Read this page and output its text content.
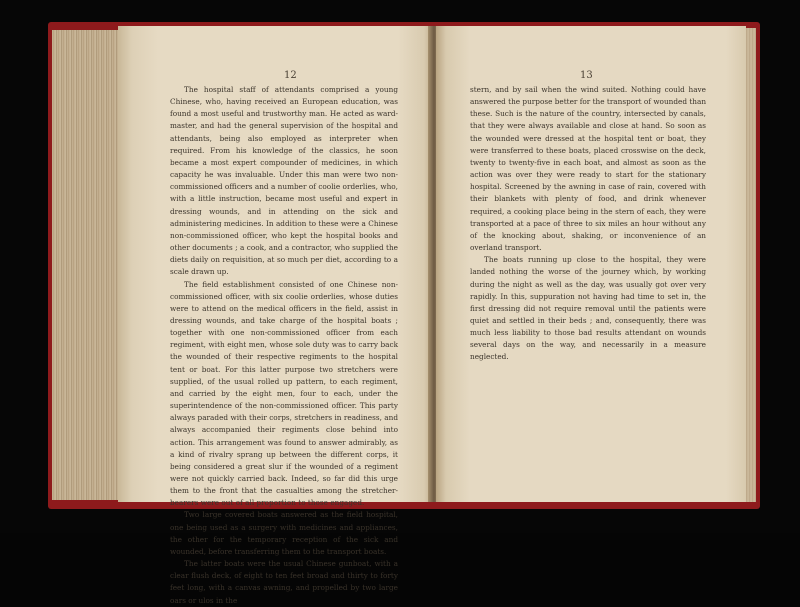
12

The hospital staff of attendants comprised a young Chinese, who, having received an European education, was found a most useful and trustworthy man. He acted as ward-master, and had the general supervision of the hospital and attendants, being also employed as interpreter when required. From his knowledge of the classics, he soon became a most expert compounder of medicines, in which capacity he was invaluable. Under this man were two non-commissioned officers and a number of coolie orderlies, who, with a little instruction, became most useful and expert in dressing wounds, and in attending on the sick and administering medicines. In addition to these were a Chinese non-commissioned officer, who kept the hospital books and other documents ; a cook, and a contractor, who supplied the diets daily on requisition, at so much per diet, according to a scale drawn up.

The field establishment consisted of one Chinese non-commissioned officer, with six coolie orderlies, whose duties were to attend on the medical officers in the field, assist in dressing wounds, and take charge of the hospital boats ; together with one non-commissioned officer from each regiment, with eight men, whose sole duty was to carry back the wounded of their respective regiments to the hospital tent or boat. For this latter purpose two stretchers were supplied, of the usual rolled up pattern, to each regiment, and carried by the eight men, four to each, under the superintendence of the non-commissioned officer. This party always paraded with their corps, stretchers in readiness, and always accompanied their regiments close behind into action. This arrangement was found to answer admirably, as a kind of rivalry sprang up between the different corps, it being considered a great slur if the wounded of a regiment were not quickly carried back. Indeed, so far did this urge them to the front that the casualties among the stretcher-bearers were out of all proportion to those engaged.

Two large covered boats answered as the field hospital, one being used as a surgery with medicines and appliances, the other for the temporary reception of the sick and wounded, before transferring them to the transport boats.

The latter boats were the usual Chinese gunboat, with a clear flush deck, of eight to ten feet broad and thirty to forty feet long, with a canvas awning, and propelled by two large oars or ulos in the

13

stern, and by sail when the wind suited. Nothing could have answered the purpose better for the transport of wounded than these. Such is the nature of the country, intersected by canals, that they were always available and close at hand. So soon as the wounded were dressed at the hospital tent or boat, they were transferred to these boats, placed crosswise on the deck, twenty to twenty-five in each boat, and almost as soon as the action was over they were ready to start for the stationary hospital. Screened by the awning in case of rain, covered with their blankets with plenty of food, and drink whenever required, a cooking place being in the stern of each, they were transported at a pace of three to six miles an hour without any of the knocking about, shaking, or inconvenience of an overland transport.

The boats running up close to the hospital, they were landed nothing the worse of the journey which, by working during the night as well as the day, was usually got over very rapidly. In this, suppuration not having had time to set in, the first dressing did not require removal until the patients were quiet and settled in their beds ; and, consequently, there was much less liability to those bad results attendant on wounds several days on the way, and necessarily in a measure neglected.
